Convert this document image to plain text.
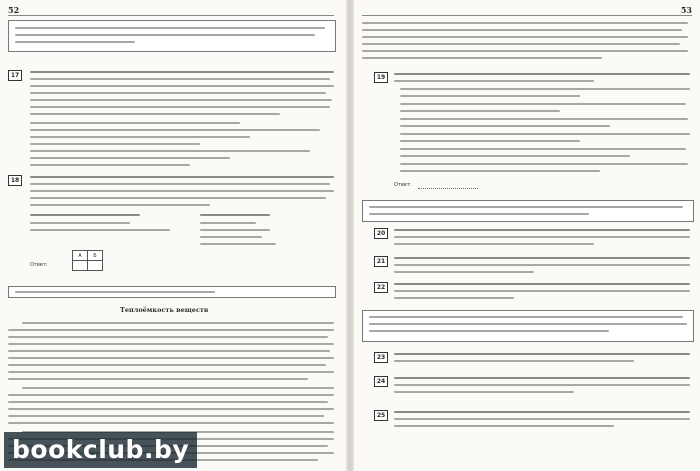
52
17
18
Ответ:
А	Б

Теплоёмкость веществ
53
19
Ответ:
20
21
22
23
24
25
bookclub.by
